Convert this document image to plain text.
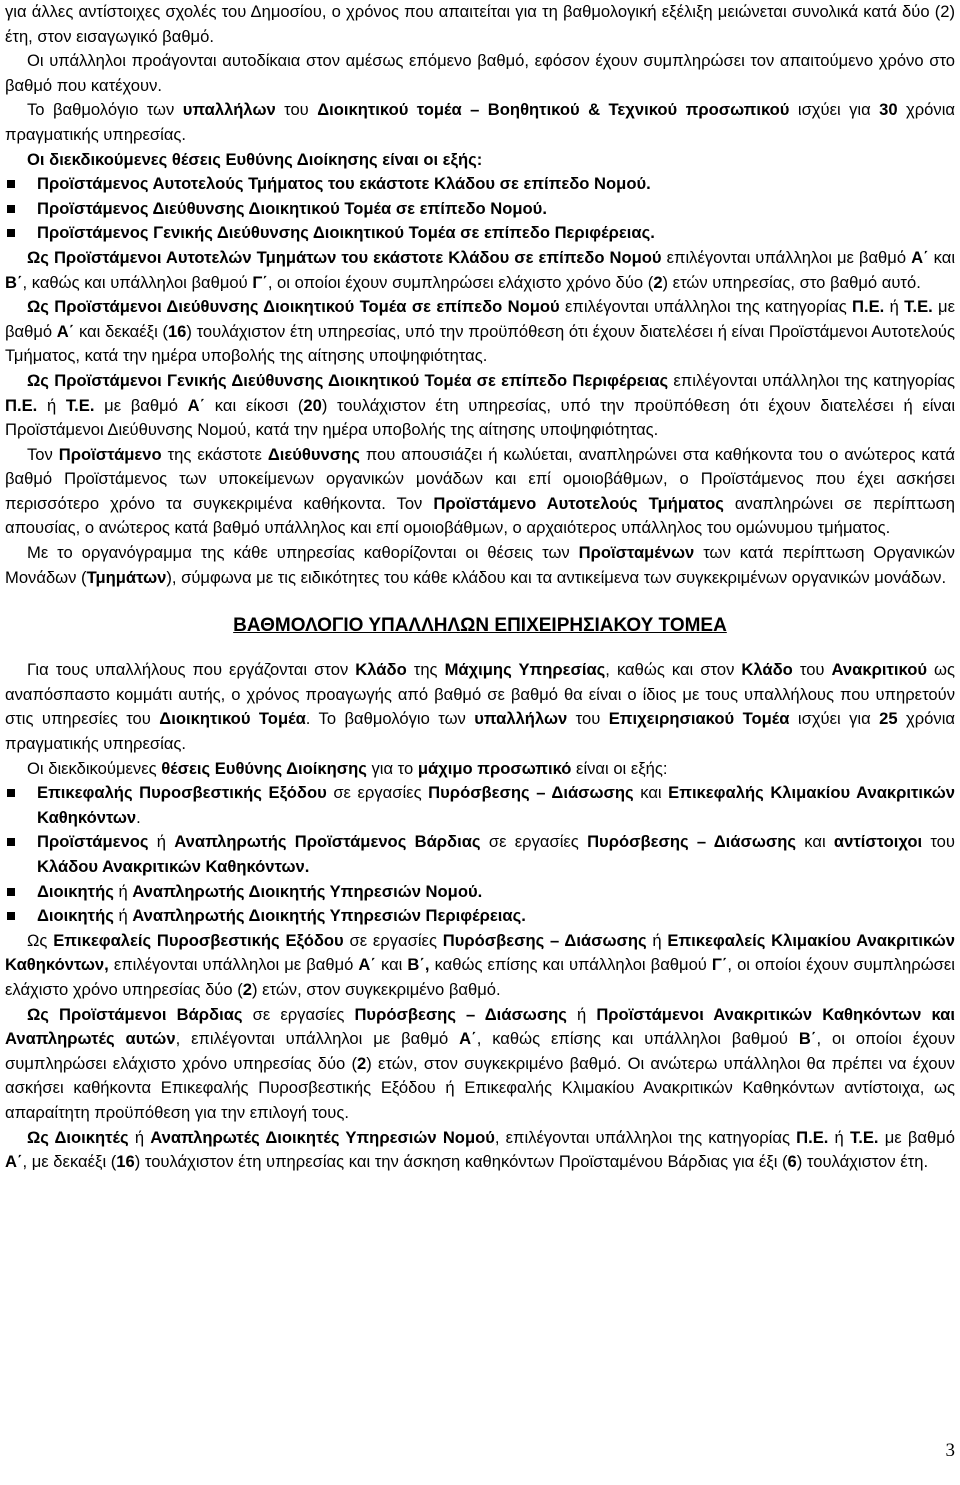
για άλλες αντίστοιχες σχολές του Δημοσίου, ο χρόνος που απαιτείται για τη βαθμολογική εξέλιξη μειώνεται συνολικά κατά δύο (2) έτη, στον εισαγωγικό βαθμό.

Οι υπάλληλοι προάγονται αυτοδίκαια στον αμέσως επόμενο βαθμό, εφόσον έχουν συμπληρώσει τον απαιτούμενο χρόνο στο βαθμό που κατέχουν.

Το βαθμολόγιο των υπαλλήλων του Διοικητικού τομέα – Βοηθητικού & Τεχνικού προσωπικού ισχύει για 30 χρόνια πραγματικής υπηρεσίας.

Οι διεκδικούμενες θέσεις Ευθύνης Διοίκησης είναι οι εξής:

Προϊστάμενος Αυτοτελούς Τμήματος του εκάστοτε Κλάδου σε επίπεδο Νομού.
Προϊστάμενος Διεύθυνσης Διοικητικού Τομέα σε επίπεδο Νομού.
Προϊστάμενος Γενικής Διεύθυνσης Διοικητικού Τομέα σε επίπεδο Περιφέρειας.

Ως Προϊστάμενοι Αυτοτελών Τμημάτων του εκάστοτε Κλάδου σε επίπεδο Νομού επιλέγονται υπάλληλοι με βαθμό Α΄ και Β΄, καθώς και υπάλληλοι βαθμού Γ΄, οι οποίοι έχουν συμπληρώσει ελάχιστο χρόνο δύο (2) ετών υπηρεσίας, στο βαθμό αυτό.

Ως Προϊστάμενοι Διεύθυνσης Διοικητικού Τομέα σε επίπεδο Νομού επιλέγονται υπάλληλοι της κατηγορίας Π.Ε. ή Τ.Ε. με βαθμό Α΄ και δεκαέξι (16) τουλάχιστον έτη υπηρεσίας, υπό την προϋπόθεση ότι έχουν διατελέσει ή είναι Προϊστάμενοι Αυτοτελούς Τμήματος, κατά την ημέρα υποβολής της αίτησης υποψηφιότητας.

Ως Προϊστάμενοι Γενικής Διεύθυνσης Διοικητικού Τομέα σε επίπεδο Περιφέρειας επιλέγονται υπάλληλοι της κατηγορίας Π.Ε. ή Τ.Ε. με βαθμό Α΄ και είκοσι (20) τουλάχιστον έτη υπηρεσίας, υπό την προϋπόθεση ότι έχουν διατελέσει ή είναι Προϊστάμενοι Διεύθυνσης Νομού, κατά την ημέρα υποβολής της αίτησης υποψηφιότητας.

Τον Προϊστάμενο της εκάστοτε Διεύθυνσης που απουσιάζει ή κωλύεται, αναπληρώνει στα καθήκοντα του ο ανώτερος κατά βαθμό Προϊστάμενος των υποκείμενων οργανικών μονάδων και επί ομοιοβάθμων, ο Προϊστάμενος που έχει ασκήσει περισσότερο χρόνο τα συγκεκριμένα καθήκοντα. Τον Προϊστάμενο Αυτοτελούς Τμήματος αναπληρώνει σε περίπτωση απουσίας, ο ανώτερος κατά βαθμό υπάλληλος και επί ομοιοβάθμων, ο αρχαιότερος υπάλληλος του ομώνυμου τμήματος.

Με το οργανόγραμμα της κάθε υπηρεσίας καθορίζονται οι θέσεις των Προϊσταμένων των κατά περίπτωση Οργανικών Μονάδων (Τμημάτων), σύμφωνα με τις ειδικότητες του κάθε κλάδου και τα αντικείμενα των συγκεκριμένων οργανικών μονάδων.

ΒΑΘΜΟΛΟΓΙΟ ΥΠΑΛΛΗΛΩΝ ΕΠΙΧΕΙΡΗΣΙΑΚΟΥ ΤΟΜΕΑ

Για τους υπαλλήλους που εργάζονται στον Κλάδο της Μάχιμης Υπηρεσίας, καθώς και στον Κλάδο του Ανακριτικού ως αναπόσπαστο κομμάτι αυτής, ο χρόνος προαγωγής από βαθμό σε βαθμό θα είναι ο ίδιος με τους υπαλλήλους που υπηρετούν στις υπηρεσίες του Διοικητικού Τομέα. Το βαθμολόγιο των υπαλλήλων του Επιχειρησιακού Τομέα ισχύει για 25 χρόνια πραγματικής υπηρεσίας.

Οι διεκδικούμενες θέσεις Ευθύνης Διοίκησης για το μάχιμο προσωπικό είναι οι εξής:

Επικεφαλής Πυροσβεστικής Εξόδου σε εργασίες Πυρόσβεσης – Διάσωσης και Επικεφαλής Κλιμακίου Ανακριτικών Καθηκόντων.
Προϊστάμενος ή Αναπληρωτής Προϊστάμενος Βάρδιας σε εργασίες Πυρόσβεσης – Διάσωσης και αντίστοιχοι του Κλάδου Ανακριτικών Καθηκόντων.
Διοικητής ή Αναπληρωτής Διοικητής Υπηρεσιών Νομού.
Διοικητής ή Αναπληρωτής Διοικητής Υπηρεσιών Περιφέρειας.

Ως Επικεφαλείς Πυροσβεστικής Εξόδου σε εργασίες Πυρόσβεσης – Διάσωσης ή Επικεφαλείς Κλιμακίου Ανακριτικών Καθηκόντων, επιλέγονται υπάλληλοι με βαθμό Α΄ και Β΄, καθώς επίσης και υπάλληλοι βαθμού Γ΄, οι οποίοι έχουν συμπληρώσει ελάχιστο χρόνο υπηρεσίας δύο (2) ετών, στον συγκεκριμένο βαθμό.

Ως Προϊστάμενοι Βάρδιας σε εργασίες Πυρόσβεσης – Διάσωσης ή Προϊστάμενοι Ανακριτικών Καθηκόντων και Αναπληρωτές αυτών, επιλέγονται υπάλληλοι με βαθμό Α΄, καθώς επίσης και υπάλληλοι βαθμού Β΄, οι οποίοι έχουν συμπληρώσει ελάχιστο χρόνο υπηρεσίας δύο (2) ετών, στον συγκεκριμένο βαθμό. Οι ανώτερω υπάλληλοι θα πρέπει να έχουν ασκήσει καθήκοντα Επικεφαλής Πυροσβεστικής Εξόδου ή Επικεφαλής Κλιμακίου Ανακριτικών Καθηκόντων αντίστοιχα, ως απαραίτητη προϋπόθεση για την επιλογή τους.

Ως Διοικητές ή Αναπληρωτές Διοικητές Υπηρεσιών Νομού, επιλέγονται υπάλληλοι της κατηγορίας Π.Ε. ή Τ.Ε. με βαθμό Α΄, με δεκαέξι (16) τουλάχιστον έτη υπηρεσίας και την άσκηση καθηκόντων Προϊσταμένου Βάρδιας για έξι (6) τουλάχιστον έτη.

3
